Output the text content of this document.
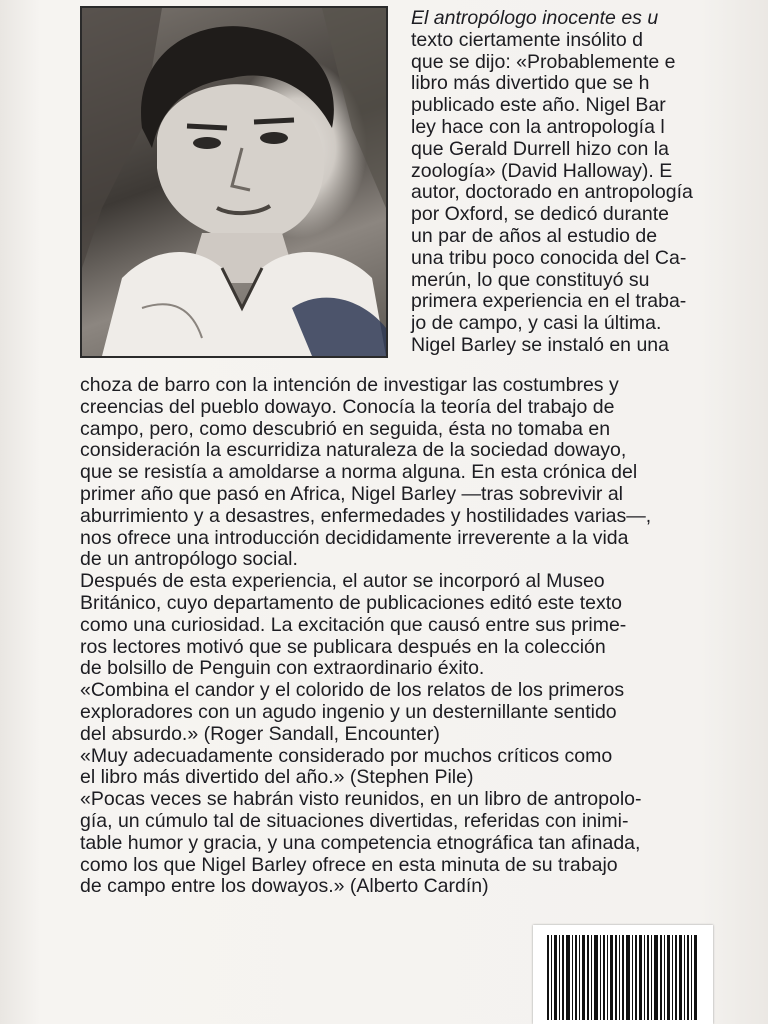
El antropólogo inocente es u
texto ciertamente insólito d
que se dijo: «Probablemente e
libro más divertido que se h
publicado este año. Nigel Bar
ley hace con la antropología l
que Gerald Durrell hizo con la
zoología» (David Halloway). E
autor, doctorado en antropología
por Oxford, se dedicó durante
un par de años al estudio de
una tribu poco conocida del Ca-
merún, lo que constituyó su
primera experiencia en el traba-
jo de campo, y casi la última.
Nigel Barley se instaló en una
choza de barro con la intención de investigar las costumbres y
creencias del pueblo dowayo. Conocía la teoría del trabajo de
campo, pero, como descubrió en seguida, ésta no tomaba en
consideración la escurridiza naturaleza de la sociedad dowayo,
que se resistía a amoldarse a norma alguna. En esta crónica del
primer año que pasó en Africa, Nigel Barley —tras sobrevivir al
aburrimiento y a desastres, enfermedades y hostilidades varias—,
nos ofrece una introducción decididamente irreverente a la vida
de un antropólogo social.
Después de esta experiencia, el autor se incorporó al Museo
Británico, cuyo departamento de publicaciones editó este texto
como una curiosidad. La excitación que causó entre sus prime-
ros lectores motivó que se publicara después en la colección
de bolsillo de Penguin con extraordinario éxito.
«Combina el candor y el colorido de los relatos de los primeros
exploradores con un agudo ingenio y un desternillante sentido
del absurdo.» (Roger Sandall, Encounter)
«Muy adecuadamente considerado por muchos críticos como
el libro más divertido del año.» (Stephen Pile)
«Pocas veces se habrán visto reunidos, en un libro de antropolo-
gía, un cúmulo tal de situaciones divertidas, referidas con inimi-
table humor y gracia, y una competencia etnográfica tan afinada,
como los que Nigel Barley ofrece en esta minuta de su trabajo
de campo entre los dowayos.» (Alberto Cardín)
